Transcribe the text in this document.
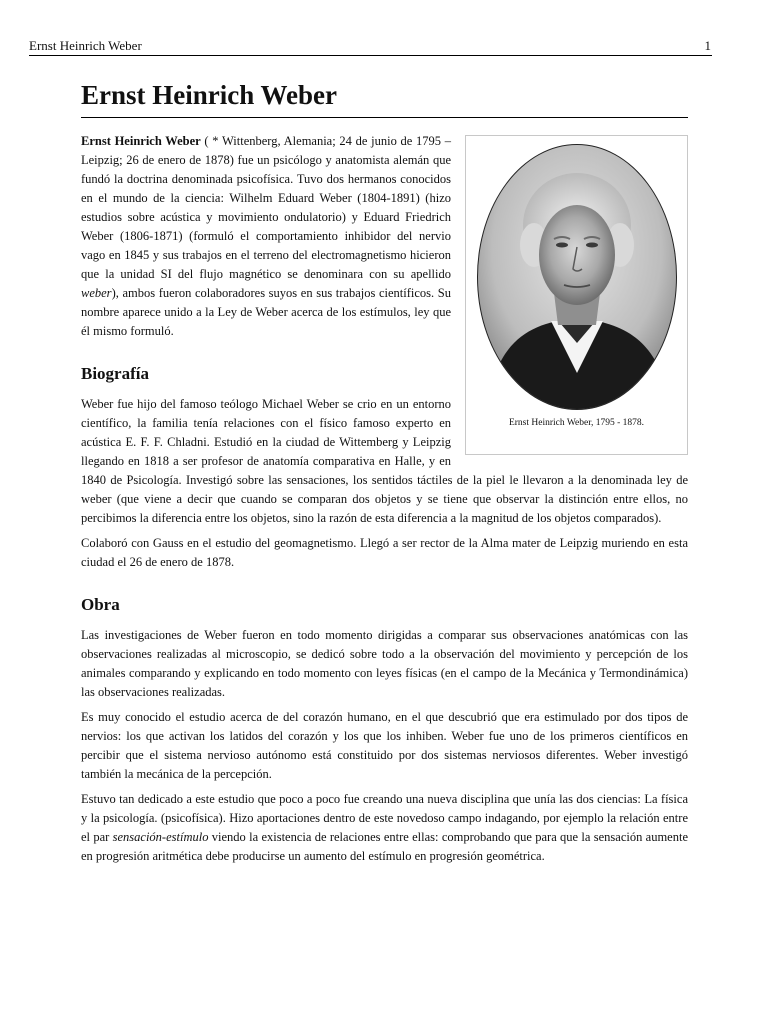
Ernst Heinrich Weber	1
Ernst Heinrich Weber
Ernst Heinrich Weber, 1795 - 1878.

Ernst Heinrich Weber ( * Wittenberg, Alemania; 24 de junio de 1795 – Leipzig; 26 de enero de 1878) fue un psicólogo y anatomista alemán que fundó la doctrina denominada psicofísica. Tuvo dos hermanos conocidos en el mundo de la ciencia: Wilhelm Eduard Weber (1804-1891) (hizo estudios sobre acústica y movimiento ondulatorio) y Eduard Friedrich Weber (1806-1871) (formuló el comportamiento inhibidor del nervio vago en 1845 y sus trabajos en el terreno del electromagnetismo hicieron que la unidad SI del flujo magnético se denominara con su apellido weber), ambos fueron colaboradores suyos en sus trabajos científicos. Su nombre aparece unido a la Ley de Weber acerca de los estímulos, ley que él mismo formuló.

Biografía

Weber fue hijo del famoso teólogo Michael Weber se crio en un entorno científico, la familia tenía relaciones con el físico famoso experto en acústica E. F. F. Chladni. Estudió en la ciudad de Wittemberg y Leipzig llegando en 1818 a ser profesor de anatomía comparativa en Halle, y en 1840 de Psicología. Investigó sobre las sensaciones, los sentidos táctiles de la piel le llevaron a la denominada ley de weber (que viene a decir que cuando se comparan dos objetos y se tiene que observar la distinción entre ellos, no percibimos la diferencia entre los objetos, sino la razón de esta diferencia a la magnitud de los objetos comparados).

Colaboró con Gauss en el estudio del geomagnetismo. Llegó a ser rector de la Alma mater de Leipzig muriendo en esta ciudad el 26 de enero de 1878.

Obra

Las investigaciones de Weber fueron en todo momento dirigidas a comparar sus observaciones anatómicas con las observaciones realizadas al microscopio, se dedicó sobre todo a la observación del movimiento y percepción de los animales comparando y explicando en todo momento con leyes físicas (en el campo de la Mecánica y Termondinámica) las observaciones realizadas.

Es muy conocido el estudio acerca de del corazón humano, en el que descubrió que era estimulado por dos tipos de nervios: los que activan los latidos del corazón y los que los inhiben. Weber fue uno de los primeros científicos en percibir que el sistema nervioso autónomo está constituido por dos sistemas nerviosos diferentes. Weber investigó también la mecánica de la percepción.

Estuvo tan dedicado a este estudio que poco a poco fue creando una nueva disciplina que unía las dos ciencias: La física y la psicología. (psicofísica). Hizo aportaciones dentro de este novedoso campo indagando, por ejemplo la relación entre el par sensación-estímulo viendo la existencia de relaciones entre ellas: comprobando que para que la sensación aumente en progresión aritmética debe producirse un aumento del estímulo en progresión geométrica.
